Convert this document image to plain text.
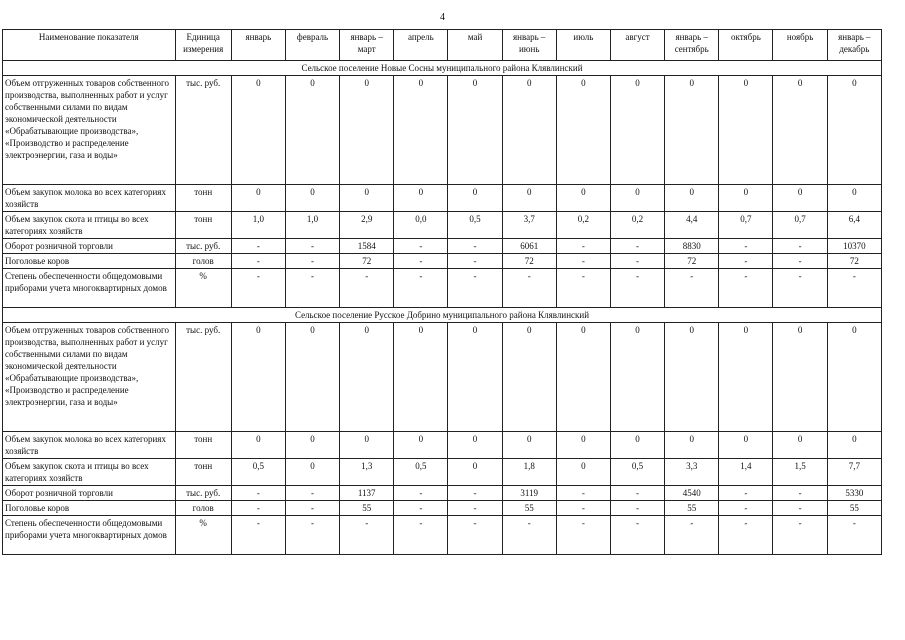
4
Наименование показателя	Единица измерения	январь	февраль	январь – март	апрель	май	январь – июнь	июль	август	январь – сентябрь	октябрь	ноябрь	январь – декабрь
Сельское поселение Новые Сосны муниципального района Клявлинский													
Объем отгруженных товаров собственного производства, выполненных работ и услуг собственными силами по видам экономической деятельности «Обрабатывающие производства», «Производство и распределение электроэнергии, газа и воды»	тыс. руб.	0	0	0	0	0	0	0	0	0	0	0	0
Объем закупок молока во всех категориях хозяйств	тонн	0	0	0	0	0	0	0	0	0	0	0	0
Объем закупок скота и птицы во всех категориях хозяйств	тонн	1,0	1,0	2,9	0,0	0,5	3,7	0,2	0,2	4,4	0,7	0,7	6,4
Оборот розничной торговли	тыс. руб.	-	-	1584	-	-	6061	-	-	8830	-	-	10370
Поголовье коров	голов	-	-	72	-	-	72	-	-	72	-	-	72
Степень обеспеченности общедомовыми приборами учета многоквартирных домов	%	-	-	-	-	-	-	-	-	-	-	-	-
Сельское поселение Русское Добрино муниципального района Клявлинский													
Объем отгруженных товаров собственного производства, выполненных работ и услуг собственными силами по видам экономической деятельности «Обрабатывающие производства», «Производство и распределение электроэнергии, газа и воды»	тыс. руб.	0	0	0	0	0	0	0	0	0	0	0	0
Объем закупок молока во всех категориях хозяйств	тонн	0	0	0	0	0	0	0	0	0	0	0	0
Объем закупок скота и птицы во всех категориях хозяйств	тонн	0,5	0	1,3	0,5	0	1,8	0	0,5	3,3	1,4	1,5	7,7
Оборот розничной торговли	тыс. руб.	-	-	1137	-	-	3119	-	-	4540	-	-	5330
Поголовье коров	голов	-	-	55	-	-	55	-	-	55	-	-	55
Степень обеспеченности общедомовыми приборами учета многоквартирных домов	%	-	-	-	-	-	-	-	-	-	-	-	-
